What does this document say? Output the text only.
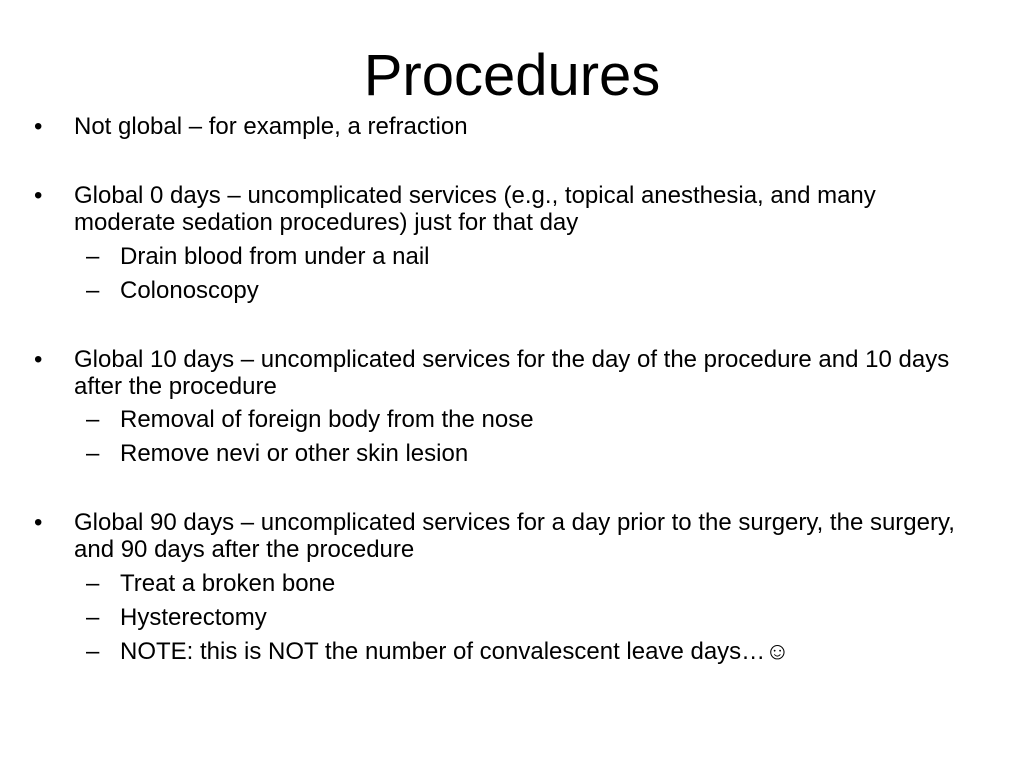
Procedures
•	Not global – for example, a refraction
•	Global 0 days – uncomplicated services (e.g., topical anesthesia, and many moderate sedation procedures) just for that day
– Drain blood from under a nail
– Colonoscopy
•	Global 10 days – uncomplicated services for the day of the procedure and 10 days after the procedure
– Removal of foreign body from the nose
– Remove nevi or other skin lesion
•	Global 90 days – uncomplicated services for a day prior to the surgery, the surgery, and 90 days after the procedure
– Treat a broken bone
– Hysterectomy
– NOTE: this is NOT the number of convalescent leave days…☺
